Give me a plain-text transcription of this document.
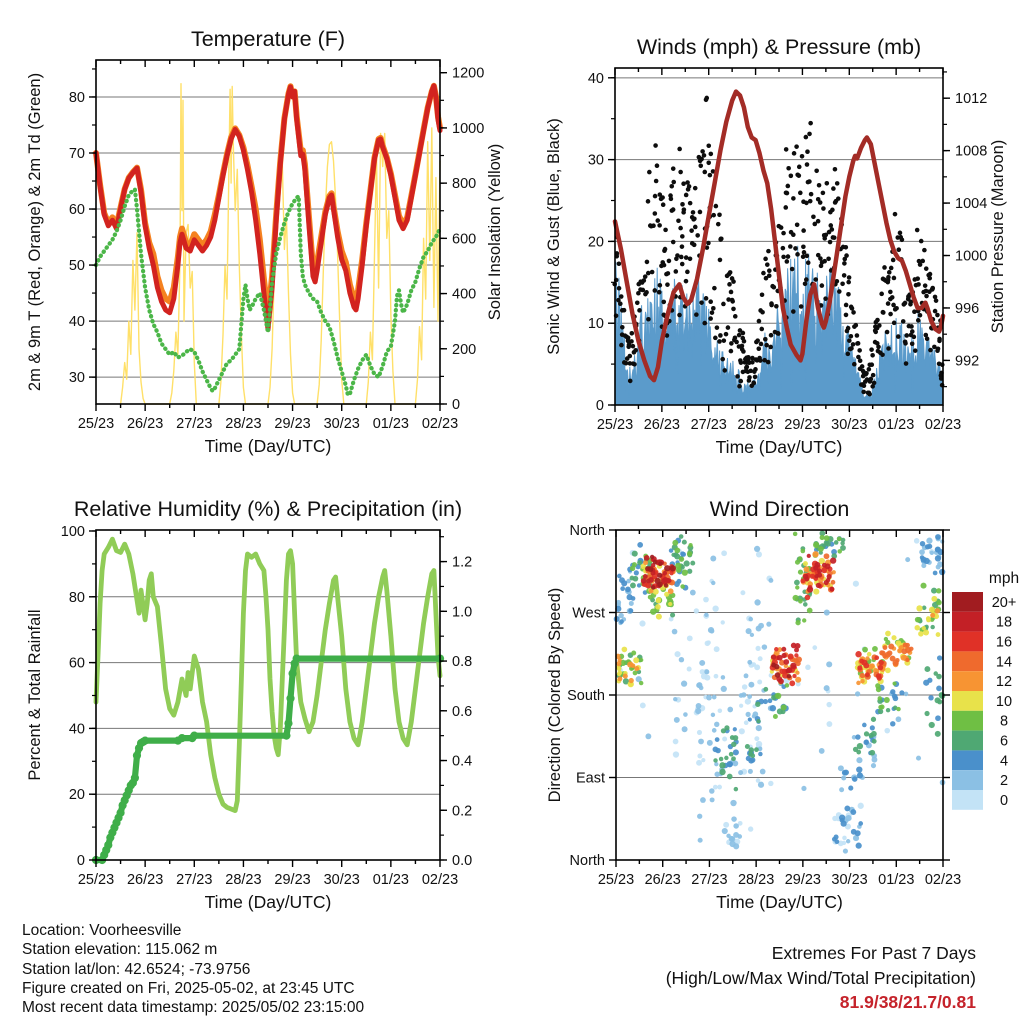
25/23 26/23 27/23 28/23 29/23 30/23 01/23 02/23
30
40
50
60
70
80
0
200
400
600
800
1000
1200
Temperature (F)
Time (Day/UTC)
2m & 9m T (Red, Orange) & 2m Td (Green)	Solar Insolation (Yellow)
25/23 26/23 27/23 28/23 29/23 30/23 01/23 02/23
0
10
20
30
40
992
996
1000
1004
1008
1012
Winds (mph) & Pressure (mb)
Time (Day/UTC)
Sonic Wind & Gust (Blue, Black)	Station Pressure (Maroon)
25/23 26/23 27/23 28/23 29/23 30/23 01/23 02/23
0
20
40
60
80
100
0.0
0.2
0.4
0.6
0.8
1.0
1.2
Relative Humidity (%) & Precipitation (in)
Time (Day/UTC)
Percent & Total Rainfall
25/23 26/23 27/23 28/23 29/23 30/23 01/23 02/23
North
East
South
West
North
Wind Direction
Time (Day/UTC)
Direction (Colored By Speed)
mph
20+
18
16
14
12
10
8
6
4
2
0
Location: Voorheesville
Station elevation: 115.062 m
Station lat/lon: 42.6524; -73.9756
Figure created on Fri, 2025-05-02, at 23:45 UTC
Most recent data timestamp: 2025/05/02 23:15:00
Extremes For Past 7 Days
(High/Low/Max Wind/Total Precipitation)
81.9/38/21.7/0.81
